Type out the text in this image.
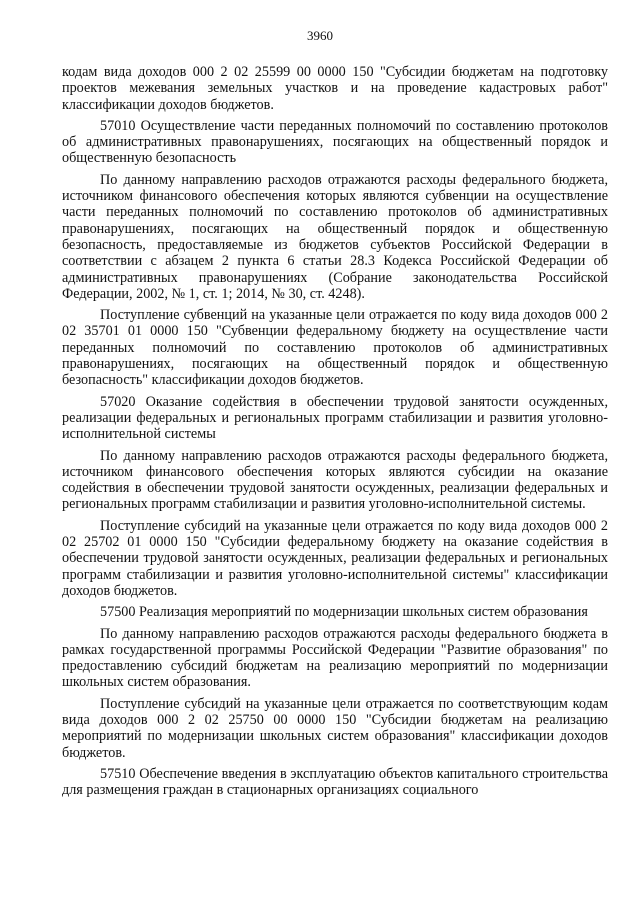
3960

кодам вида доходов 000 2 02 25599 00 0000 150 "Субсидии бюджетам на подготовку проектов межевания земельных участков и на проведение кадастровых работ" классификации доходов бюджетов.

57010 Осуществление части переданных полномочий по составлению протоколов об административных правонарушениях, посягающих на общественный порядок и общественную безопасность

По данному направлению расходов отражаются расходы федерального бюджета, источником финансового обеспечения которых являются субвенции на осуществление части переданных полномочий по составлению протоколов об административных правонарушениях, посягающих на общественный порядок и общественную безопасность, предоставляемые из бюджетов субъектов Российской Федерации в соответствии с абзацем 2 пункта 6 статьи 28.3 Кодекса Российской Федерации об административных правонарушениях (Собрание законодательства Российской Федерации, 2002, № 1, ст. 1; 2014, № 30, ст. 4248).

Поступление субвенций на указанные цели отражается по коду вида доходов 000 2 02 35701 01 0000 150 "Субвенции федеральному бюджету на осуществление части переданных полномочий по составлению протоколов об административных правонарушениях, посягающих на общественный порядок и общественную безопасность" классификации доходов бюджетов.

57020 Оказание содействия в обеспечении трудовой занятости осужденных, реализации федеральных и региональных программ стабилизации и развития уголовно-исполнительной системы

По данному направлению расходов отражаются расходы федерального бюджета, источником финансового обеспечения которых являются субсидии на оказание содействия в обеспечении трудовой занятости осужденных, реализации федеральных и региональных программ стабилизации и развития уголовно-исполнительной системы.

Поступление субсидий на указанные цели отражается по коду вида доходов 000 2 02 25702 01 0000 150 "Субсидии федеральному бюджету на оказание содействия в обеспечении трудовой занятости осужденных, реализации федеральных и региональных программ стабилизации и развития уголовно-исполнительной системы" классификации доходов бюджетов.

57500 Реализация мероприятий по модернизации школьных систем образования

По данному направлению расходов отражаются расходы федерального бюджета в рамках государственной программы Российской Федерации "Развитие образования" по предоставлению субсидий бюджетам на реализацию мероприятий по модернизации школьных систем образования.

Поступление субсидий на указанные цели отражается по соответствующим кодам вида доходов 000 2 02 25750 00 0000 150 "Субсидии бюджетам на реализацию мероприятий по модернизации школьных систем образования" классификации доходов бюджетов.

57510 Обеспечение введения в эксплуатацию объектов капитального строительства для размещения граждан в стационарных организациях социального
